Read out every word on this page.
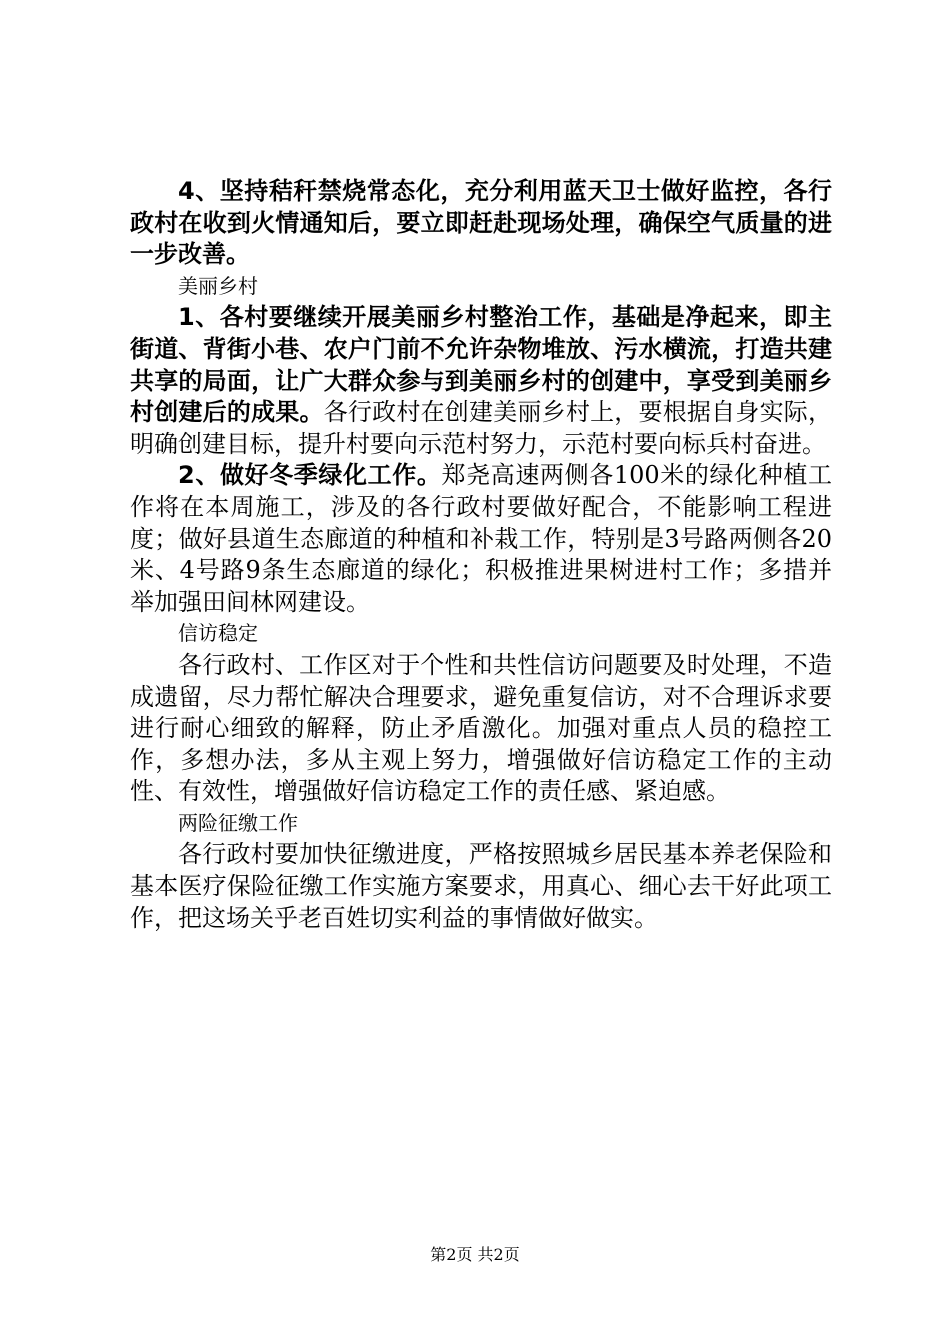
4、坚持秸秆禁烧常态化，充分利用蓝天卫士做好监控，各行政村在收到火情通知后，要立即赶赴现场处理，确保空气质量的进一步改善。

美丽乡村

1、各村要继续开展美丽乡村整治工作，基础是净起来，即主街道、背街小巷、农户门前不允许杂物堆放、污水横流，打造共建共享的局面，让广大群众参与到美丽乡村的创建中，享受到美丽乡村创建后的成果。各行政村在创建美丽乡村上，要根据自身实际，明确创建目标，提升村要向示范村努力，示范村要向标兵村奋进。

2、做好冬季绿化工作。郑尧高速两侧各100米的绿化种植工作将在本周施工，涉及的各行政村要做好配合，不能影响工程进度；做好县道生态廊道的种植和补栽工作，特别是3号路两侧各20米、4号路9条生态廊道的绿化；积极推进果树进村工作；多措并举加强田间林网建设。

信访稳定

各行政村、工作区对于个性和共性信访问题要及时处理，不造成遗留，尽力帮忙解决合理要求，避免重复信访，对不合理诉求要进行耐心细致的解释，防止矛盾激化。加强对重点人员的稳控工作，多想办法，多从主观上努力，增强做好信访稳定工作的主动性、有效性，增强做好信访稳定工作的责任感、紧迫感。

两险征缴工作

各行政村要加快征缴进度，严格按照城乡居民基本养老保险和基本医疗保险征缴工作实施方案要求，用真心、细心去干好此项工作，把这场关乎老百姓切实利益的事情做好做实。

第2页 共2页
